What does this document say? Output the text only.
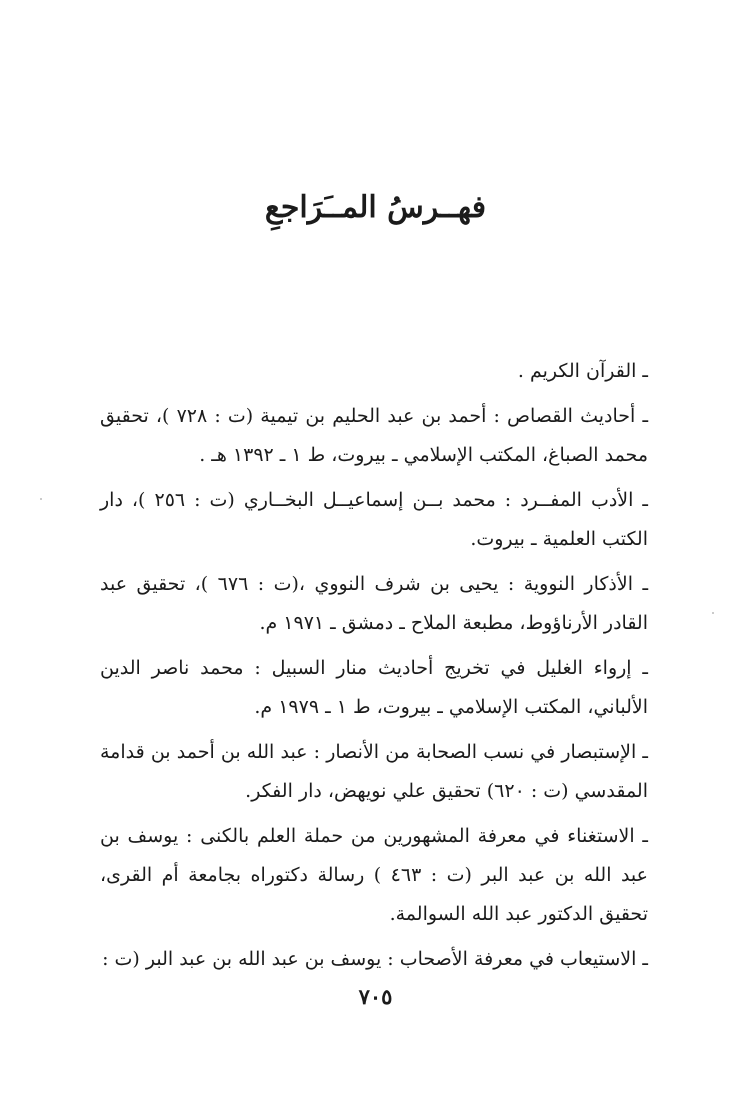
فهــرسُ المــَرَاجعِ
ـ القرآن الكريم .
ـ أحاديث القصاص : أحمد بن عبد الحليم بن تيمية (ت : ٧٢٨ )، تحقيق محمد الصباغ، المكتب الإسلامي ـ بيروت، ط ١ ـ ١٣٩٢ هـ .
ـ الأدب المفــرد : محمد بــن إسماعيــل البخــاري (ت : ٢٥٦ )، دار الكتب العلمية ـ بيروت.
ـ الأذكار النووية : يحيى بن شرف النووي ،(ت : ٦٧٦ )، تحقيق عبد القادر الأرناؤوط، مطبعة الملاح ـ دمشق ـ ١٩٧١ م.
ـ إرواء الغليل في تخريج أحاديث منار السبيل : محمد ناصر الدين الألباني، المكتب الإسلامي ـ بيروت، ط ١ ـ ١٩٧٩ م.
ـ الإستبصار في نسب الصحابة من الأنصار : عبد الله بن أحمد بن قدامة المقدسي (ت : ٦٢٠) تحقيق علي نويهض، دار الفكر.
ـ الاستغناء في معرفة المشهورين من حملة العلم بالكنى : يوسف بن عبد الله بن عبد البر (ت : ٤٦٣ ) رسالة دكتوراه بجامعة أم القرى، تحقيق الدكتور عبد الله السوالمة.
ـ الاستيعاب في معرفة الأصحاب : يوسف بن عبد الله بن عبد البر (ت :
٧٠٥
